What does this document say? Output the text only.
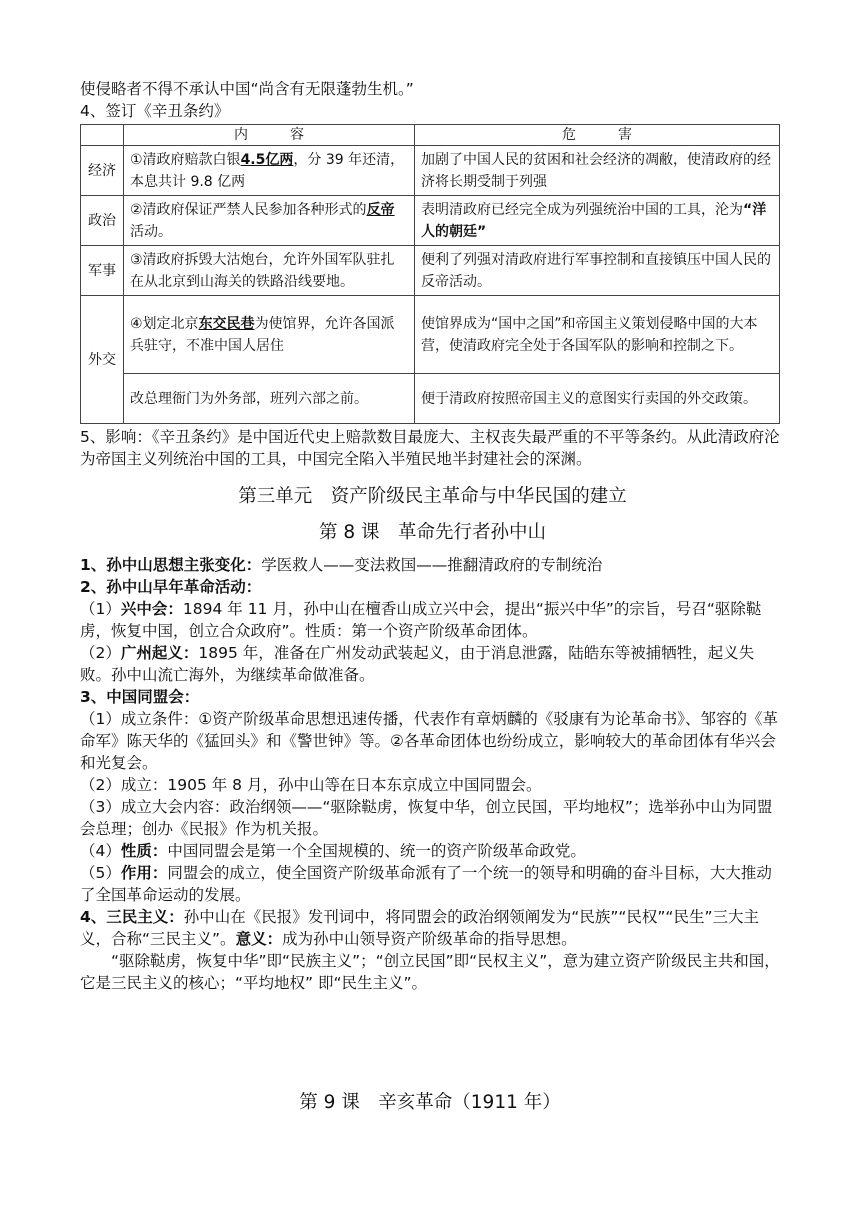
使侵略者不得不承认中国“尚含有无限蓬勃生机。”

4、签订《辛丑条约》

	内　　　容	危　　　害
经济	①清政府赔款白银4.5亿两，分 39 年还清，本息共计 9.8 亿两	加剧了中国人民的贫困和社会经济的凋敝，使清政府的经济将长期受制于列强
政治	②清政府保证严禁人民参加各种形式的反帝活动。	表明清政府已经完全成为列强统治中国的工具，沦为“洋人的朝廷”
军事	③清政府拆毁大沽炮台，允许外国军队驻扎在从北京到山海关的铁路沿线要地。	便利了列强对清政府进行军事控制和直接镇压中国人民的反帝活动。
外交	④划定北京东交民巷为使馆界，允许各国派兵驻守，不准中国人居住	使馆界成为“国中之国”和帝国主义策划侵略中国的大本营，使清政府完全处于各国军队的影响和控制之下。
	改总理衙门为外务部，班列六部之前。	便于清政府按照帝国主义的意图实行卖国的外交政策。

5、影响：《辛丑条约》是中国近代史上赔款数目最庞大、主权丧失最严重的不平等条约。从此清政府沦为帝国主义列统治中国的工具，中国完全陷入半殖民地半封建社会的深渊。

第三单元　资产阶级民主革命与中华民国的建立
第 8 课　革命先行者孙中山

1、孙中山思想主张变化：学医救人——变法救国——推翻清政府的专制统治

2、孙中山早年革命活动：

（1）兴中会：1894 年 11 月，孙中山在檀香山成立兴中会，提出“振兴中华”的宗旨，号召“驱除鞑虏，恢复中国，创立合众政府”。性质：第一个资产阶级革命团体。

（2）广州起义：1895 年，准备在广州发动武装起义，由于消息泄露，陆皓东等被捕牺牲，起义失败。孙中山流亡海外，为继续革命做准备。

3、中国同盟会：

（1）成立条件：①资产阶级革命思想迅速传播，代表作有章炳麟的《驳康有为论革命书》、邹容的《革命军》陈天华的《猛回头》和《警世钟》等。②各革命团体也纷纷成立，影响较大的革命团体有华兴会和光复会。

（2）成立：1905 年 8 月，孙中山等在日本东京成立中国同盟会。

（3）成立大会内容：政治纲领——“驱除鞑虏，恢复中华，创立民国，平均地权”；选举孙中山为同盟会总理；创办《民报》作为机关报。

（4）性质：中国同盟会是第一个全国规模的、统一的资产阶级革命政党。

（5）作用：同盟会的成立，使全国资产阶级革命派有了一个统一的领导和明确的奋斗目标，大大推动了全国革命运动的发展。

4、三民主义：孙中山在《民报》发刊词中，将同盟会的政治纲领阐发为“民族”“民权”“民生”三大主义，合称“三民主义”。意义：成为孙中山领导资产阶级革命的指导思想。

“驱除鞑虏，恢复中华”即“民族主义”；“创立民国”即“民权主义”，意为建立资产阶级民主共和国，它是三民主义的核心；“平均地权” 即“民生主义”。

第 9 课　辛亥革命（1911 年）
